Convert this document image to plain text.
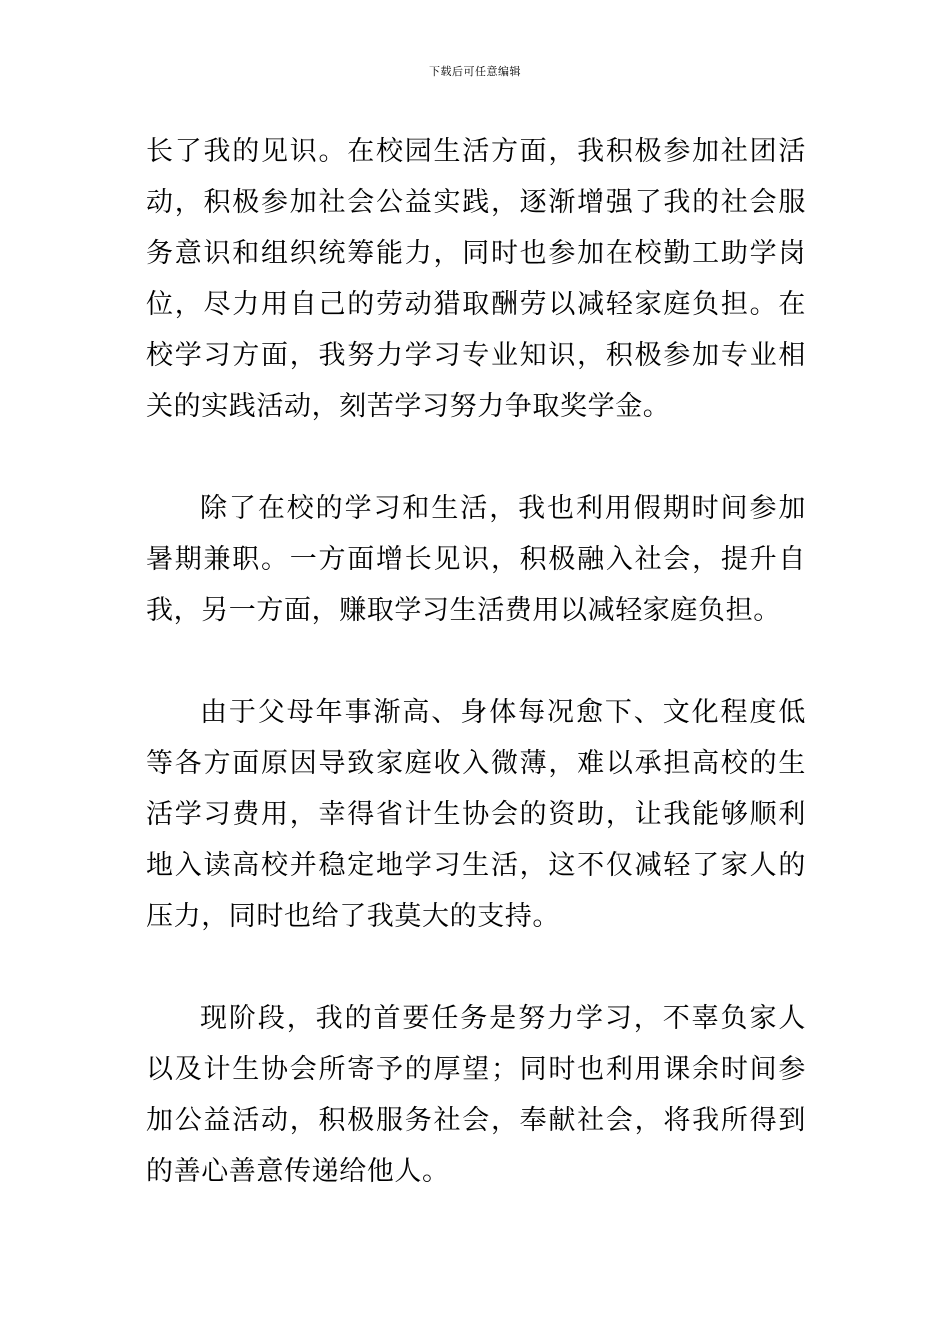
下载后可任意编辑

长了我的见识。在校园生活方面，我积极参加社团活动，积极参加社会公益实践，逐渐增强了我的社会服务意识和组织统筹能力，同时也参加在校勤工助学岗位，尽力用自己的劳动猎取酬劳以减轻家庭负担。在校学习方面，我努力学习专业知识，积极参加专业相关的实践活动，刻苦学习努力争取奖学金。

除了在校的学习和生活，我也利用假期时间参加暑期兼职。一方面增长见识，积极融入社会，提升自我，另一方面，赚取学习生活费用以减轻家庭负担。

由于父母年事渐高、身体每况愈下、文化程度低等各方面原因导致家庭收入微薄，难以承担高校的生活学习费用，幸得省计生协会的资助，让我能够顺利地入读高校并稳定地学习生活，这不仅减轻了家人的压力，同时也给了我莫大的支持。

现阶段，我的首要任务是努力学习，不辜负家人以及计生协会所寄予的厚望；同时也利用课余时间参加公益活动，积极服务社会，奉献社会，将我所得到的善心善意传递给他人。
